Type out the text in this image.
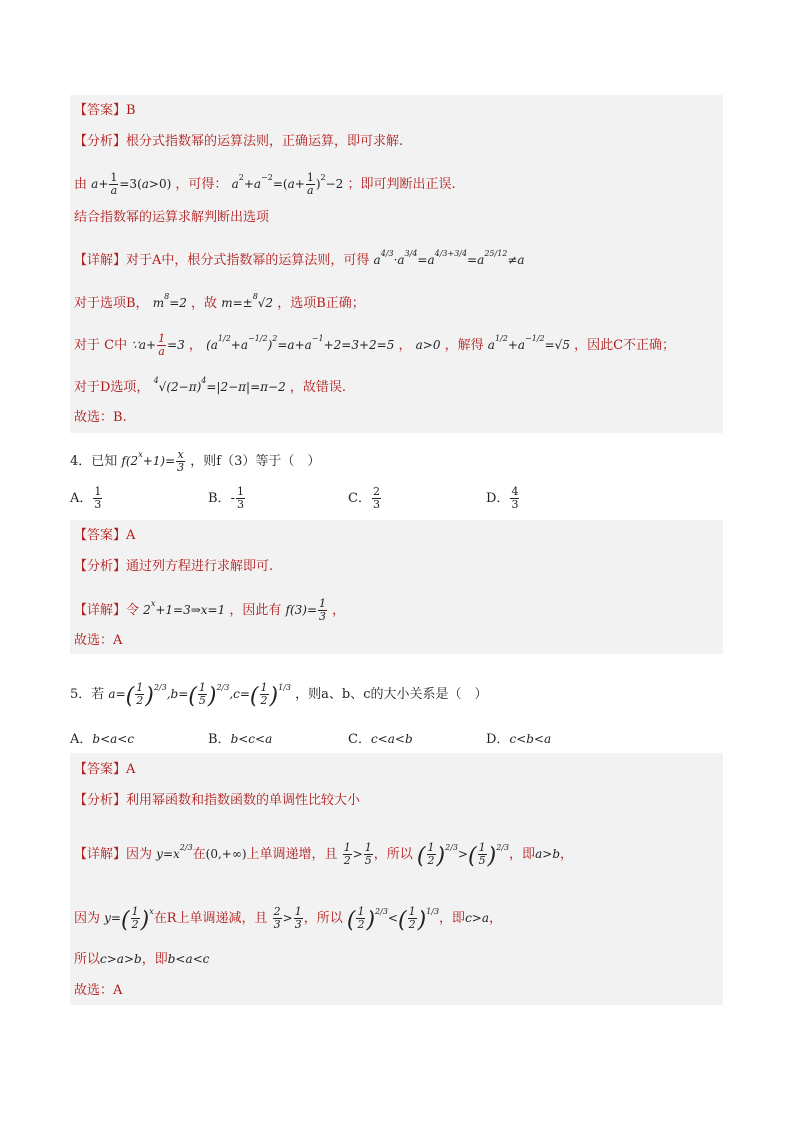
【答案】B
【分析】根分式指数幂的运算法则，正确运算，即可求解.
由 $a+ \frac{1}{a} =3(a>0)$ ，可得： $a^2+a^{-2}=(a+ \frac{1}{a} )^2-2$ ；即可判断出正误.
结合指数幂的运算求解判断出选项
【详解】对于A中，根分式指数幂的运算法则，可得 $a^{4/3}\cdot a^{3/4}=a^{4/3+3/4}=a^{25/12}\ne a$
对于选项B， $m^8=2$ ，故 m=±$^8$√2 ，选项B正确；
对于 C中 ∵a+ $\frac{1}{a} =3$ ， $(a^{1/2}+a^{-1/2})^2=a+a^{-1}+2=3+2=5$ ， a>0 ，解得 $a^{1/2}+a^{-1/2}=√5$ ，因此C不正确；
对于D选项， $^4√(2-\pi)^4=|2-\pi|=\pi-2$ ，故错误.
故选：B.
4．已知 $f(2^x+1)= \frac{x}{3}$ ，则f（3）等于（　）
A． $\frac{1}{3}$	B．- $\frac{1}{3}$	C． $\frac{2}{3}$	D． $\frac{4}{3}$
【答案】A
【分析】通过列方程进行求解即可.
【详解】令 $2^x+1=3\Rightarrow x=1$ ，因此有 $f(3)= \frac{1}{3}$ ，
故选：A
5．若 $a=( \frac{1}{2} )^{2/3},b=( \frac{1}{5} )^{2/3},c=( \frac{1}{2} )^{1/3}$ ，则a、b、c的大小关系是（　）
A．b<a<c	B．b<c<a	C．c<a<b	D．c<b<a
【答案】A
【分析】利用幂函数和指数函数的单调性比较大小
【详解】因为 $y=x^{2/3}$在(0,+∞)上单调递增，且 $\frac{1}{2} > \frac{1}{5}$ ，所以 ( $\frac{1}{2} )^{2/3}>( \frac{1}{5} )^{2/3}$，即a>b，
因为 $y=( \frac{1}{2} )^x$在R上单调递减，且 $\frac{2}{3} > \frac{1}{3}$ ，所以 ( $\frac{1}{2} )^{2/3}<( \frac{1}{2} )^{1/3}$，即c>a，
所以c>a>b，即b<a<c
故选：A
